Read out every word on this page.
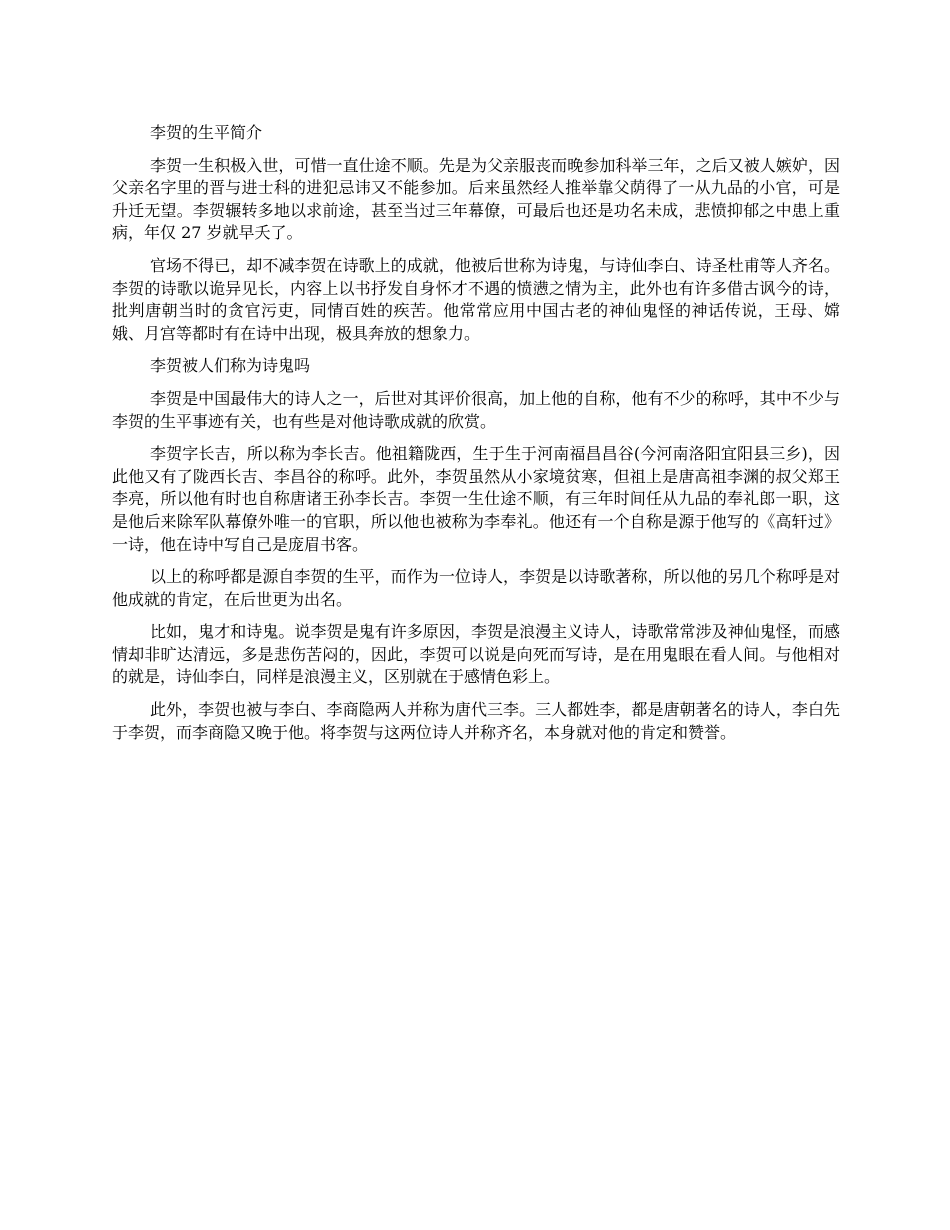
李贺的生平简介

李贺一生积极入世，可惜一直仕途不顺。先是为父亲服丧而晚参加科举三年，之后又被人嫉妒，因父亲名字里的晋与进士科的进犯忌讳又不能参加。后来虽然经人推举靠父荫得了一从九品的小官，可是升迁无望。李贺辗转多地以求前途，甚至当过三年幕僚，可最后也还是功名未成，悲愤抑郁之中患上重病，年仅 27 岁就早夭了。

官场不得已，却不减李贺在诗歌上的成就，他被后世称为诗鬼，与诗仙李白、诗圣杜甫等人齐名。李贺的诗歌以诡异见长，内容上以书抒发自身怀才不遇的愤懑之情为主，此外也有许多借古讽今的诗，批判唐朝当时的贪官污吏，同情百姓的疾苦。他常常应用中国古老的神仙鬼怪的神话传说，王母、嫦娥、月宫等都时有在诗中出现，极具奔放的想象力。

李贺被人们称为诗鬼吗

李贺是中国最伟大的诗人之一，后世对其评价很高，加上他的自称，他有不少的称呼，其中不少与李贺的生平事迹有关，也有些是对他诗歌成就的欣赏。

李贺字长吉，所以称为李长吉。他祖籍陇西，生于生于河南福昌昌谷(今河南洛阳宜阳县三乡)，因此他又有了陇西长吉、李昌谷的称呼。此外，李贺虽然从小家境贫寒，但祖上是唐高祖李渊的叔父郑王李亮，所以他有时也自称唐诸王孙李长吉。李贺一生仕途不顺，有三年时间任从九品的奉礼郎一职，这是他后来除军队幕僚外唯一的官职，所以他也被称为李奉礼。他还有一个自称是源于他写的《高轩过》一诗，他在诗中写自己是庞眉书客。

以上的称呼都是源自李贺的生平，而作为一位诗人，李贺是以诗歌著称，所以他的另几个称呼是对他成就的肯定，在后世更为出名。

比如，鬼才和诗鬼。说李贺是鬼有许多原因，李贺是浪漫主义诗人，诗歌常常涉及神仙鬼怪，而感情却非旷达清远，多是悲伤苦闷的，因此，李贺可以说是向死而写诗，是在用鬼眼在看人间。与他相对的就是，诗仙李白，同样是浪漫主义，区别就在于感情色彩上。

此外，李贺也被与李白、李商隐两人并称为唐代三李。三人都姓李，都是唐朝著名的诗人，李白先于李贺，而李商隐又晚于他。将李贺与这两位诗人并称齐名，本身就对他的肯定和赞誉。
